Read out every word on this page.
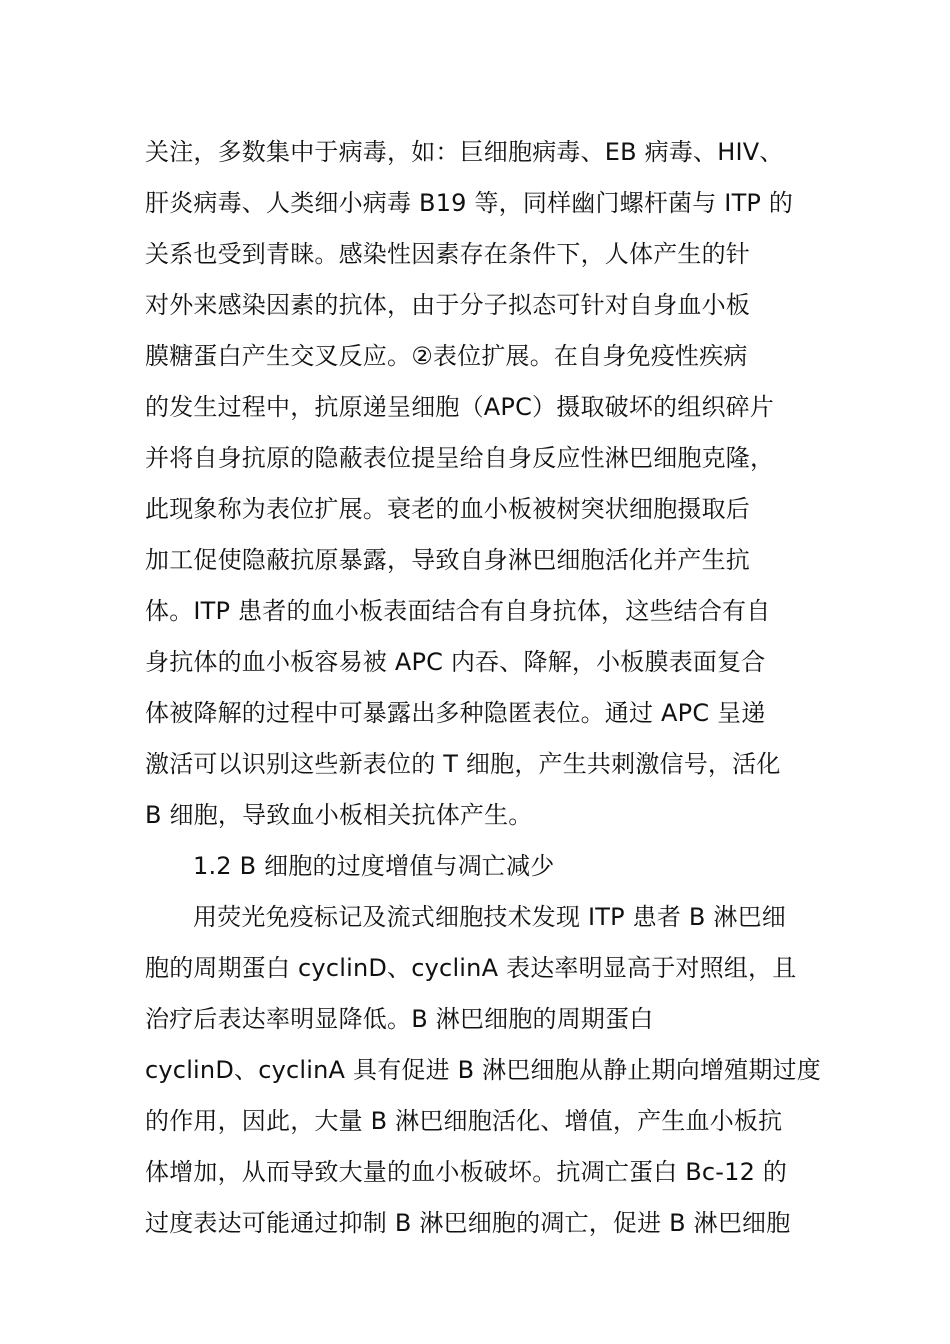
关注，多数集中于病毒，如：巨细胞病毒、EB 病毒、HIV、
肝炎病毒、人类细小病毒 B19 等，同样幽门螺杆菌与 ITP 的
关系也受到青睐。感染性因素存在条件下，人体产生的针
对外来感染因素的抗体，由于分子拟态可针对自身血小板
膜糖蛋白产生交叉反应。②表位扩展。在自身免疫性疾病
的发生过程中，抗原递呈细胞（APC）摄取破坏的组织碎片
并将自身抗原的隐蔽表位提呈给自身反应性淋巴细胞克隆，
此现象称为表位扩展。衰老的血小板被树突状细胞摄取后
加工促使隐蔽抗原暴露，导致自身淋巴细胞活化并产生抗
体。ITP 患者的血小板表面结合有自身抗体，这些结合有自
身抗体的血小板容易被 APC 内吞、降解，小板膜表面复合
体被降解的过程中可暴露出多种隐匿表位。通过 APC 呈递
激活可以识别这些新表位的 T 细胞，产生共刺激信号，活化
B 细胞，导致血小板相关抗体产生。
1.2 B 细胞的过度增值与凋亡减少
用荧光免疫标记及流式细胞技术发现 ITP 患者 B 淋巴细
胞的周期蛋白 cyclinD、cyclinA 表达率明显高于对照组，且
治疗后表达率明显降低。B 淋巴细胞的周期蛋白
cyclinD、cyclinA 具有促进 B 淋巴细胞从静止期向增殖期过度
的作用，因此，大量 B 淋巴细胞活化、增值，产生血小板抗
体增加，从而导致大量的血小板破坏。抗凋亡蛋白 Bc-12 的
过度表达可能通过抑制 B 淋巴细胞的凋亡，促进 B 淋巴细胞
